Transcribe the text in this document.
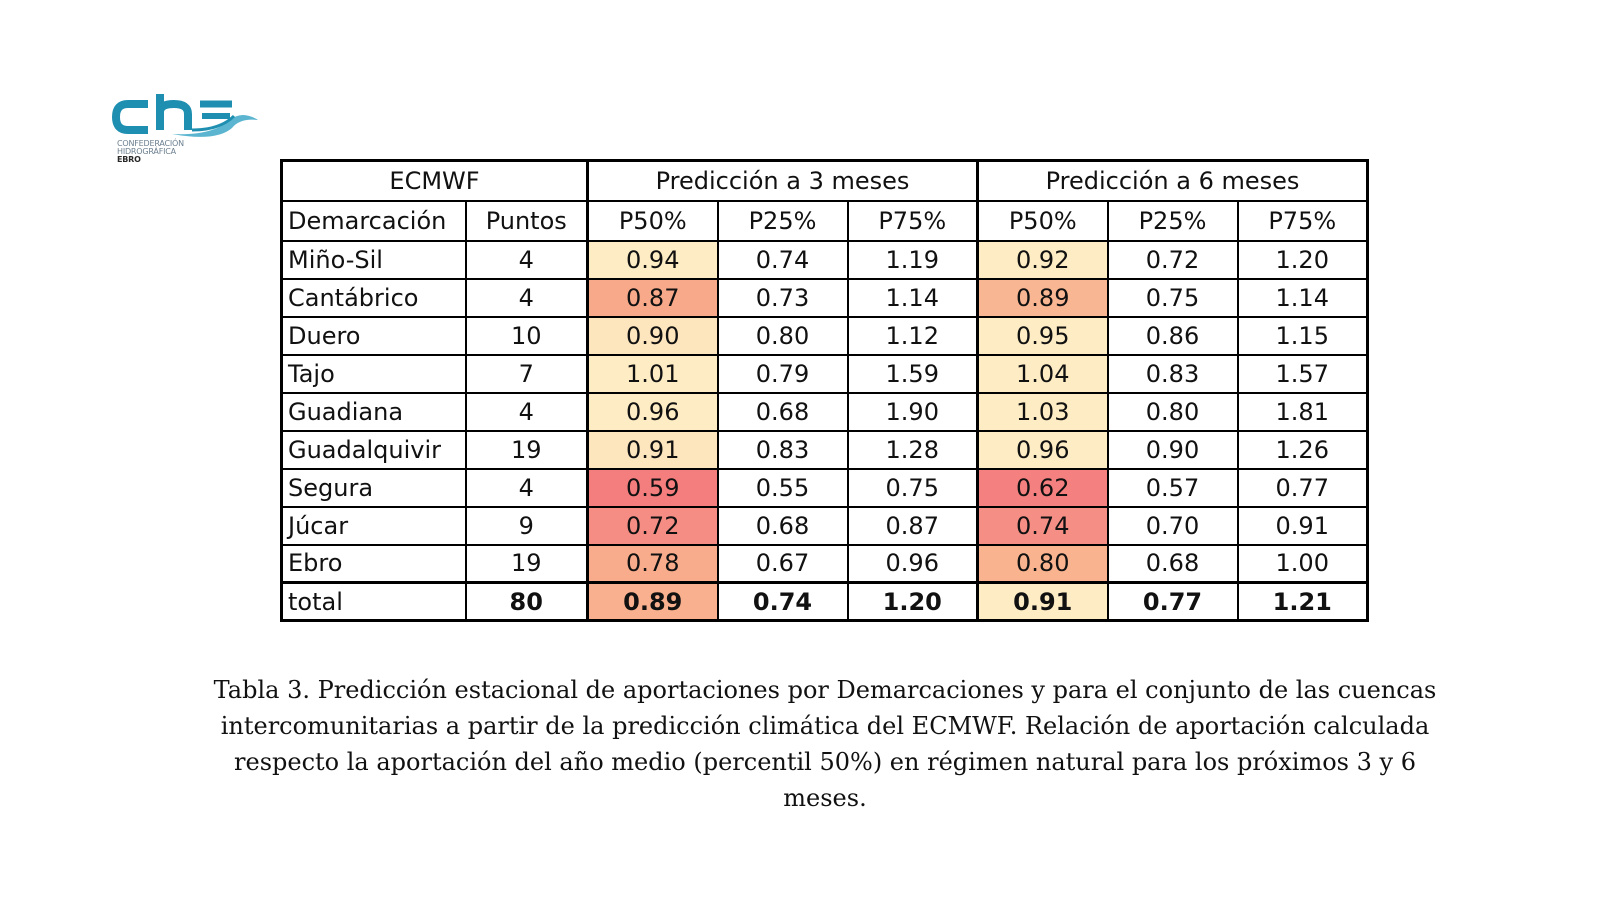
CONFEDERACIÓN
HIDROGRÁFICA
EBRO
ECMWF		Predicción a 3 meses			Predicción a 6 meses		
Demarcación	Puntos	P50%	P25%	P75%	P50%	P25%	P75%
Miño-Sil	4	0.94	0.74	1.19	0.92	0.72	1.20
Cantábrico	4	0.87	0.73	1.14	0.89	0.75	1.14
Duero	10	0.90	0.80	1.12	0.95	0.86	1.15
Tajo	7	1.01	0.79	1.59	1.04	0.83	1.57
Guadiana	4	0.96	0.68	1.90	1.03	0.80	1.81
Guadalquivir	19	0.91	0.83	1.28	0.96	0.90	1.26
Segura	4	0.59	0.55	0.75	0.62	0.57	0.77
Júcar	9	0.72	0.68	0.87	0.74	0.70	0.91
Ebro	19	0.78	0.67	0.96	0.80	0.68	1.00
total	80	0.89	0.74	1.20	0.91	0.77	1.21
Tabla 3. Predicción estacional de aportaciones por Demarcaciones y para el conjunto de las cuencas intercomunitarias a partir de la predicción climática del ECMWF. Relación de aportación calculada respecto la aportación del año medio (percentil 50%) en régimen natural para los próximos 3 y 6 meses.
